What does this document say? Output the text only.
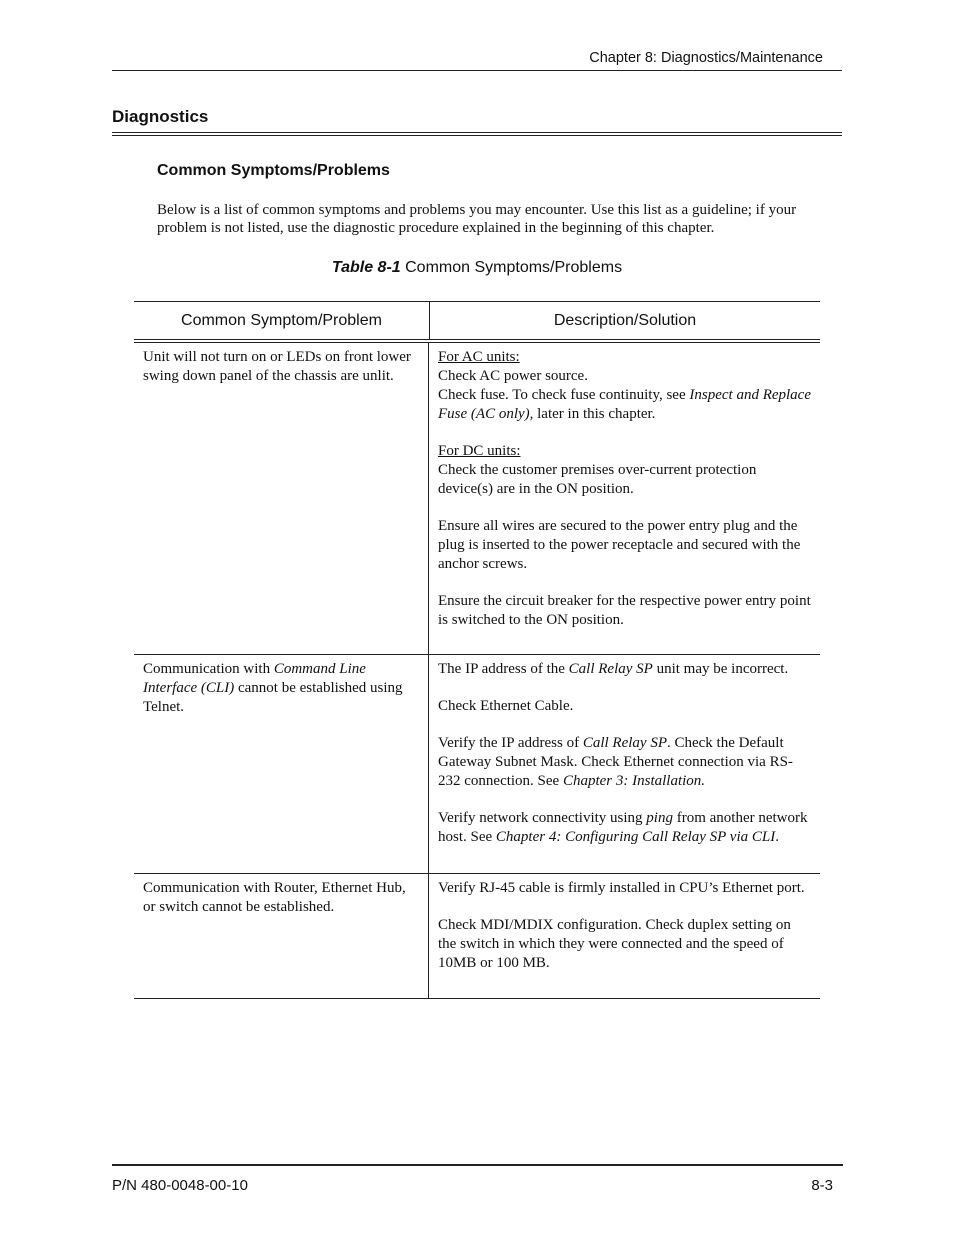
Chapter 8: Diagnostics/Maintenance
Diagnostics
Common Symptoms/Problems
Below is a list of common symptoms and problems you may encounter. Use this list as a guideline; if your problem is not listed, use the diagnostic procedure explained in the beginning of this chapter.
Table 8-1 Common Symptoms/Problems
Common Symptom/Problem	Description/Solution
Unit will not turn on or LEDs on front lower swing down panel of the chassis are unlit.
For AC units:
Check AC power source.
Check fuse. To check fuse continuity, see Inspect and Replace Fuse (AC only), later in this chapter.
For DC units:
Check the customer premises over-current protection device(s) are in the ON position.
Ensure all wires are secured to the power entry plug and the plug is inserted to the power receptacle and secured with the anchor screws.
Ensure the circuit breaker for the respective power entry point is switched to the ON position.
Communication with Command Line Interface (CLI) cannot be established using Telnet.
The IP address of the Call Relay SP unit may be incorrect.
Check Ethernet Cable.
Verify the IP address of Call Relay SP. Check the Default Gateway Subnet Mask. Check Ethernet connection via RS-232 connection. See Chapter 3: Installation.
Verify network connectivity using ping from another network host. See Chapter 4: Configuring Call Relay SP via CLI.
Communication with Router, Ethernet Hub, or switch cannot be established.
Verify RJ-45 cable is firmly installed in CPU’s Ethernet port.
Check MDI/MDIX configuration. Check duplex setting on the switch in which they were connected and the speed of 10MB or 100 MB.
P/N 480-0048-00-10	8-3
